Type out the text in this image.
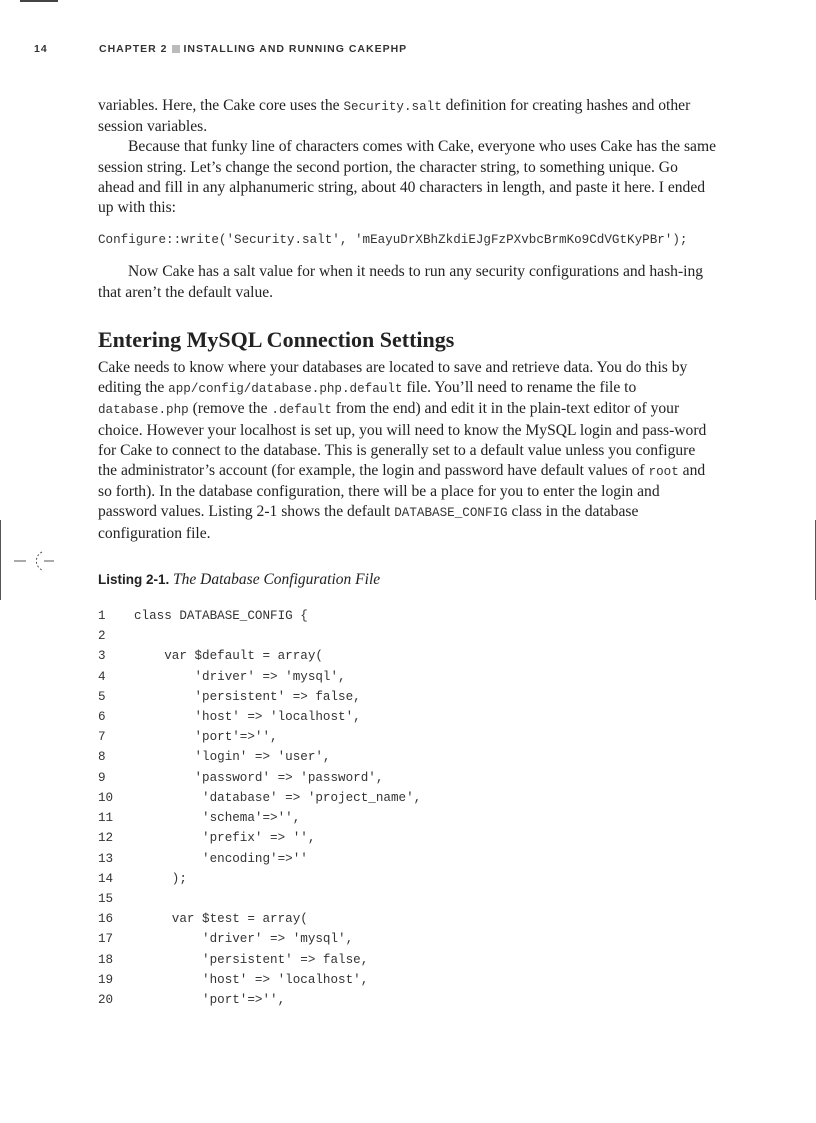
14	CHAPTER 2 INSTALLING AND RUNNING CAKEPHP

variables. Here, the Cake core uses the Security.salt definition for creating hashes and other session variables.

Because that funky line of characters comes with Cake, everyone who uses Cake has the same session string. Let’s change the second portion, the character string, to something unique. Go ahead and fill in any alphanumeric string, about 40 characters in length, and paste it here. I ended up with this:

Configure::write('Security.salt', 'mEayuDrXBhZkdiEJgFzPXvbcBrmKo9CdVGtKyPBr');

Now Cake has a salt value for when it needs to run any security configurations and hash-ing that aren’t the default value.

Entering MySQL Connection Settings

Cake needs to know where your databases are located to save and retrieve data. You do this by editing the app/config/database.php.default file. You’ll need to rename the file to database.php (remove the .default from the end) and edit it in the plain-text editor of your choice. However your localhost is set up, you will need to know the MySQL login and pass-word for Cake to connect to the database. This is generally set to a default value unless you configure the administrator’s account (for example, the login and password have default values of root and so forth). In the database configuration, there will be a place for you to enter the login and password values. Listing 2-1 shows the default DATABASE_CONFIG class in the database configuration file.

Listing 2-1. The Database Configuration File
1	class DATABASE_CONFIG {
2
3	var $default = array(
4	'driver' => 'mysql',
5	'persistent' => false,
6	'host' => 'localhost',
7	'port'=>'',
8	'login' => 'user',
9	'password' => 'password',
10	'database' => 'project_name',
11	'schema'=>'',
12	'prefix' => '',
13	'encoding'=>''
14	);
15
16	var $test = array(
17	'driver' => 'mysql',
18	'persistent' => false,
19	'host' => 'localhost',
20	'port'=>'',
